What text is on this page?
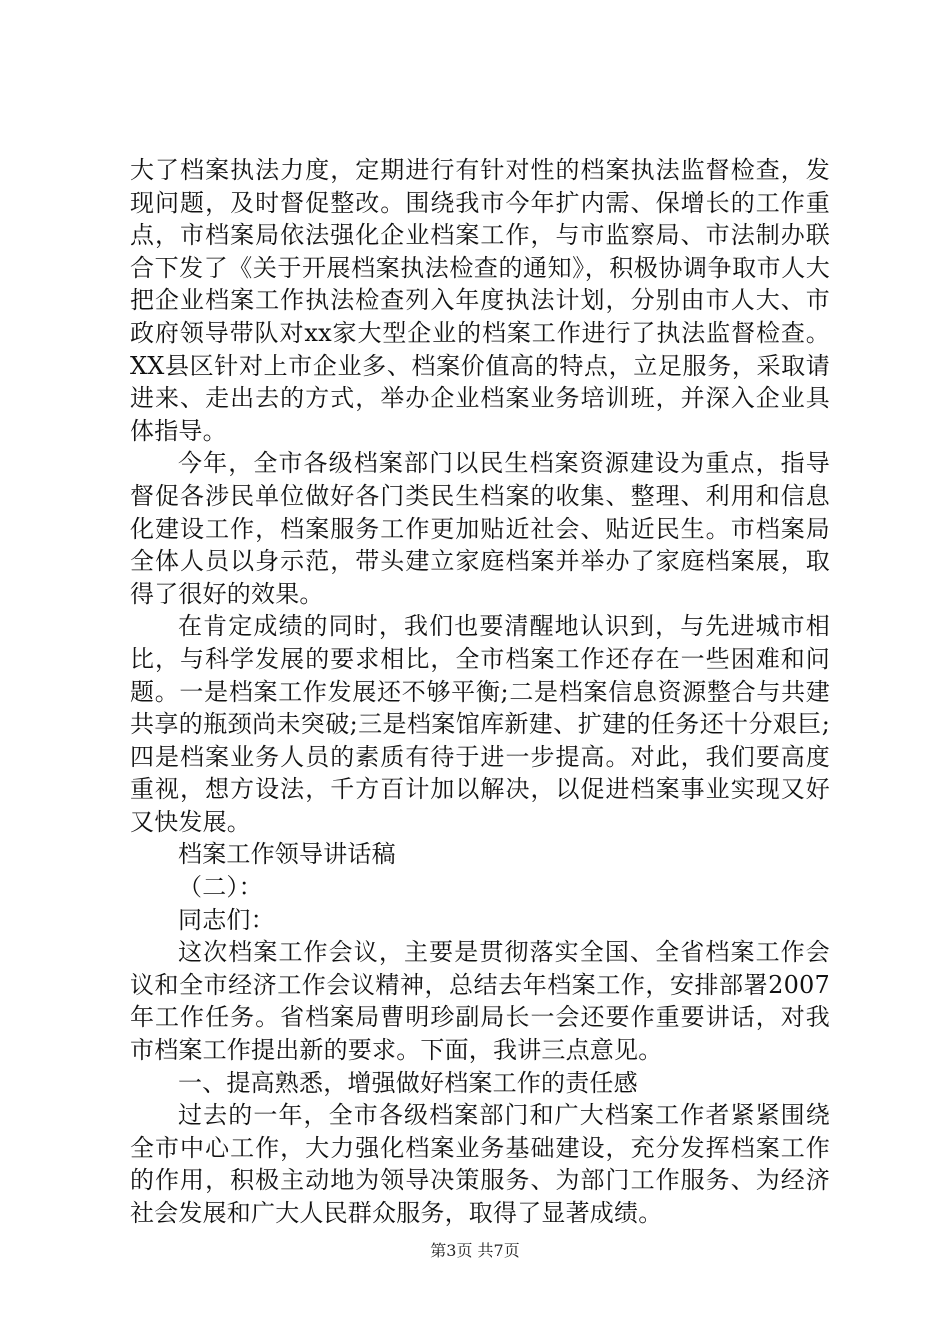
大了档案执法力度，定期进行有针对性的档案执法监督检查，发现问题，及时督促整改。围绕我市今年扩内需、保增长的工作重点，市档案局依法强化企业档案工作，与市监察局、市法制办联合下发了《关于开展档案执法检查的通知》，积极协调争取市人大把企业档案工作执法检查列入年度执法计划，分别由市人大、市政府领导带队对xx家大型企业的档案工作进行了执法监督检查。XX县区针对上市企业多、档案价值高的特点，立足服务，采取请进来、走出去的方式，举办企业档案业务培训班，并深入企业具体指导。

今年，全市各级档案部门以民生档案资源建设为重点，指导督促各涉民单位做好各门类民生档案的收集、整理、利用和信息化建设工作，档案服务工作更加贴近社会、贴近民生。市档案局全体人员以身示范，带头建立家庭档案并举办了家庭档案展，取得了很好的效果。

在肯定成绩的同时，我们也要清醒地认识到，与先进城市相比，与科学发展的要求相比，全市档案工作还存在一些困难和问题。一是档案工作发展还不够平衡;二是档案信息资源整合与共建共享的瓶颈尚未突破;三是档案馆库新建、扩建的任务还十分艰巨;四是档案业务人员的素质有待于进一步提高。对此，我们要高度重视，想方设法，千方百计加以解决，以促进档案事业实现又好又快发展。

档案工作领导讲话稿

（二）：

同志们：

这次档案工作会议，主要是贯彻落实全国、全省档案工作会议和全市经济工作会议精神，总结去年档案工作，安排部署2007年工作任务。省档案局曹明珍副局长一会还要作重要讲话，对我市档案工作提出新的要求。下面，我讲三点意见。

一、提高熟悉，增强做好档案工作的责任感

过去的一年，全市各级档案部门和广大档案工作者紧紧围绕全市中心工作，大力强化档案业务基础建设，充分发挥档案工作的作用，积极主动地为领导决策服务、为部门工作服务、为经济社会发展和广大人民群众服务，取得了显著成绩。

第3页 共7页
